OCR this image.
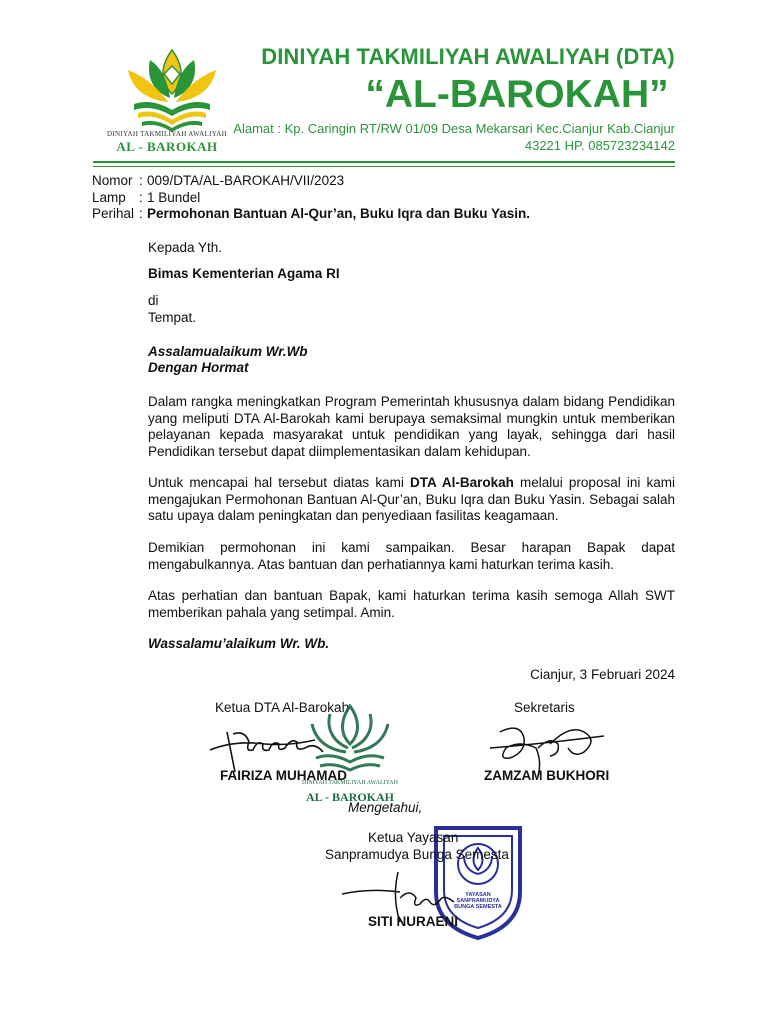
DINIYAH TAKMILIYAH AWALIYAH
AL - BAROKAH
DINIYAH TAKMILIYAH AWALIYAH (DTA)
“AL-BAROKAH”
Alamat : Kp. Caringin RT/RW 01/09 Desa Mekarsari Kec.Cianjur Kab.Cianjur
43221 HP. 085723234142
Nomor : 009/DTA/AL-BAROKAH/VII/2023
Lamp : 1 Bundel
Perihal : Permohonan Bantuan Al-Qur’an, Buku Iqra dan Buku Yasin.
Kepada Yth.
Bimas Kementerian Agama RI
di
Tempat.
Assalamualaikum Wr.Wb
Dengan Hormat
Dalam rangka meningkatkan Program Pemerintah khususnya dalam bidang Pendidikan yang meliputi DTA Al-Barokah kami berupaya semaksimal mungkin untuk memberikan pelayanan kepada masyarakat untuk pendidikan yang layak, sehingga dari hasil Pendidikan tersebut dapat diimplementasikan dalam kehidupan.
Untuk mencapai hal tersebut diatas kami DTA Al-Barokah melalui proposal ini kami mengajukan Permohonan Bantuan Al-Qur’an, Buku Iqra dan Buku Yasin. Sebagai salah satu upaya dalam peningkatan dan penyediaan fasilitas keagamaan.
Demikian permohonan ini kami sampaikan. Besar harapan Bapak dapat mengabulkannya. Atas bantuan dan perhatiannya kami haturkan terima kasih.
Atas perhatian dan bantuan Bapak, kami haturkan terima kasih semoga Allah SWT memberikan pahala yang setimpal. Amin.
Wassalamu’alaikum Wr. Wb.
Cianjur, 3 Februari 2024
Ketua DTA Al-Barokah	Sekretaris
DINIYAH TAKMILIYAH AWALIYAH
AL - BAROKAH
FAIRIZA MUHAMAD	ZAMZAM BUKHORI
Mengetahui,
YAYASAN SANPRAMUDYA BUNGA SEMESTA
Ketua Yayasan
Sanpramudya Bunga Semesta
SITI NURAENI
